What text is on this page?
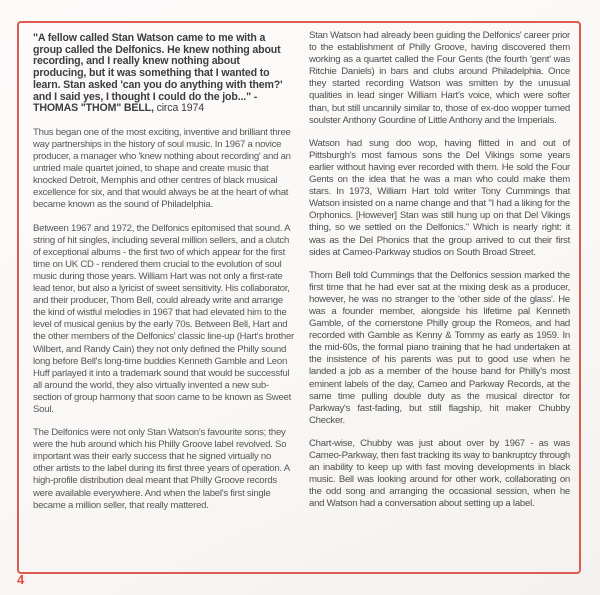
"A fellow called Stan Watson came to me with a group called the Delfonics. He knew nothing about recording, and I really knew nothing about producing, but it was something that I wanted to learn. Stan asked 'can you do anything with them?' and I said yes, I thought I could do the job..." - THOMAS "THOM" BELL, circa 1974

Thus began one of the most exciting, inventive and brilliant three way partnerships in the history of soul music. In 1967 a novice producer, a manager who 'knew nothing about recording' and an untried male quartet joined, to shape and create music that knocked Detroit, Memphis and other centres of black musical excellence for six, and that would always be at the heart of what became known as the sound of Philadelphia.

Between 1967 and 1972, the Delfonics epitomised that sound. A string of hit singles, including several million sellers, and a clutch of exceptional albums - the first two of which appear for the first time on UK CD - rendered them crucial to the evolution of soul music during those years. William Hart was not only a first-rate lead tenor, but also a lyricist of sweet sensitivity. His collaborator, and their producer, Thom Bell, could already write and arrange the kind of wistful melodies in 1967 that had elevated him to the level of musical genius by the early 70s. Between Bell, Hart and the other members of the Delfonics' classic line-up (Hart's brother Wilbert, and Randy Cain) they not only defined the Philly sound long before Bell's long-time buddies Kenneth Gamble and Leon Huff parlayed it into a trademark sound that would be successful all around the world, they also virtually invented a new sub-section of group harmony that soon came to be known as Sweet Soul.

The Delfonics were not only Stan Watson's favourite sons; they were the hub around which his Philly Groove label revolved. So important was their early success that he signed virtually no other artists to the label during its first three years of operation. A high-profile distribution deal meant that Philly Groove records were available everywhere. And when the label's first single became a million seller, that really mattered.

Stan Watson had already been guiding the Delfonics' career prior to the establishment of Philly Groove, having discovered them working as a quartet called the Four Gents (the fourth 'gent' was Ritchie Daniels) in bars and clubs around Philadelphia. Once they started recording Watson was smitten by the unusual qualities in lead singer William Hart's voice, which were softer than, but still uncannily similar to, those of ex-doo wopper turned soulster Anthony Gourdine of Little Anthony and the Imperials.

Watson had sung doo wop, having flitted in and out of Pittsburgh's most famous sons the Del Vikings some years earlier without having ever recorded with them. He sold the Four Gents on the idea that he was a man who could make them stars. In 1973, William Hart told writer Tony Cummings that Watson insisted on a name change and that "I had a liking for the Orphonics. [However] Stan was still hung up on that Del Vikings thing, so we settled on the Delfonics." Which is nearly right: it was as the Del Phonics that the group arrived to cut their first sides at Cameo-Parkway studios on South Broad Street.

Thom Bell told Cummings that the Delfonics session marked the first time that he had ever sat at the mixing desk as a producer, however, he was no stranger to the 'other side of the glass'. He was a founder member, alongside his lifetime pal Kenneth Gamble, of the cornerstone Philly group the Romeos, and had recorded with Gamble as Kenny & Tommy as early as 1959. In the mid-60s, the formal piano training that he had undertaken at the insistence of his parents was put to good use when he landed a job as a member of the house band for Philly's most eminent labels of the day, Cameo and Parkway Records, at the same time pulling double duty as the musical director for Parkway's fast-fading, but still flagship, hit maker Chubby Checker.

Chart-wise, Chubby was just about over by 1967 - as was Cameo-Parkway, then fast tracking its way to bankruptcy through an inability to keep up with fast moving developments in black music. Bell was looking around for other work, collaborating on the odd song and arranging the occasional session, when he and Watson had a conversation about setting up a label.

4
